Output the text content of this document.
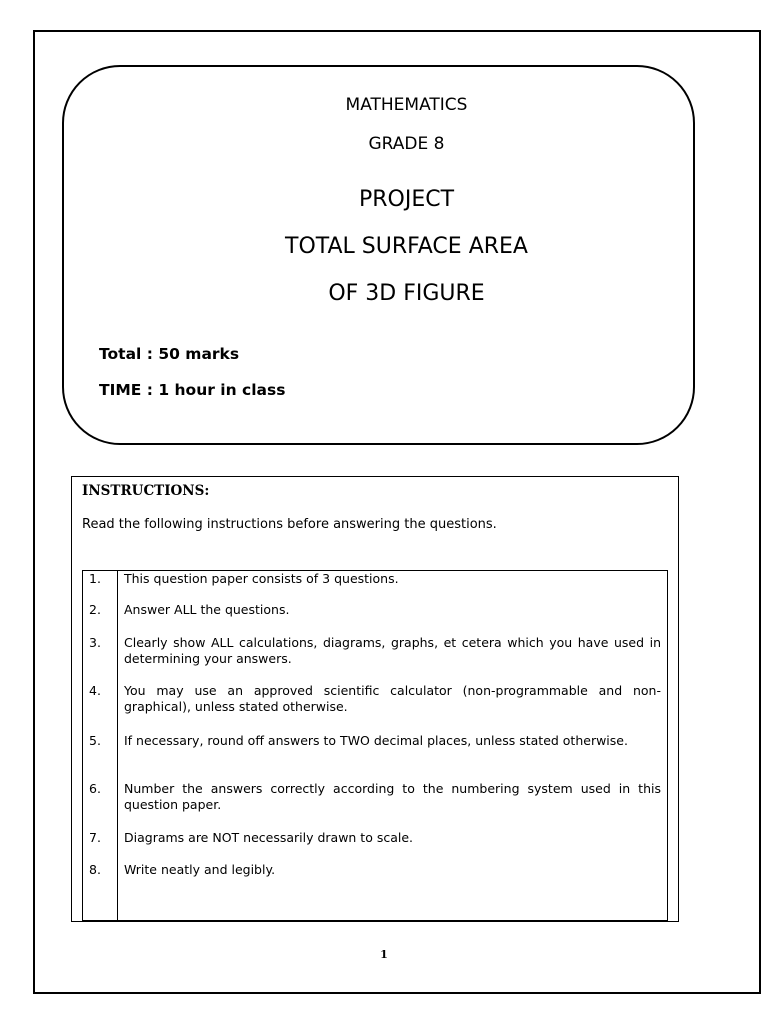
MATHEMATICS
GRADE 8
PROJECT
TOTAL SURFACE AREA
OF 3D FIGURE
Total : 50 marks
TIME : 1 hour in class
INSTRUCTIONS:
Read the following instructions before answering the questions.
1.	This question paper consists of 3 questions.
2.	Answer ALL the questions.
3.	Clearly show ALL calculations, diagrams, graphs, et cetera which you have used in determining your answers.
4.	You may use an approved scientific calculator (non-programmable and non-graphical), unless stated otherwise.
5.	If necessary, round off answers to TWO decimal places, unless stated otherwise.
6.	Number the answers correctly according to the numbering system used in this question paper.
7.	Diagrams are NOT necessarily drawn to scale.
8.	Write neatly and legibly.
1
